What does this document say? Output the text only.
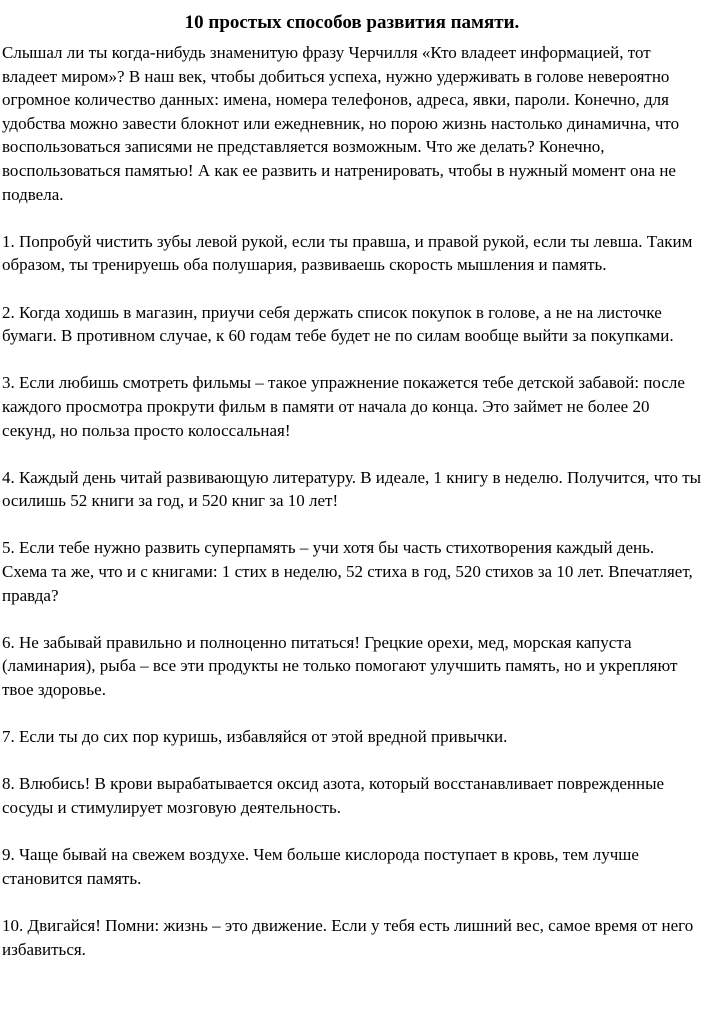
10 простых способов развития памяти.

Слышал ли ты когда-нибудь знаменитую фразу Черчилля «Кто владеет информацией, тот владеет миром»? В наш век, чтобы добиться успеха, нужно удерживать в голове невероятно огромное количество данных: имена, номера телефонов, адреса, явки, пароли. Конечно, для удобства можно завести блокнот или ежедневник, но порою жизнь настолько динамична, что воспользоваться записями не представляется возможным. Что же делать? Конечно, воспользоваться памятью! А как ее развить и натренировать, чтобы в нужный момент она не подвела.

1. Попробуй чистить зубы левой рукой, если ты правша, и правой рукой, если ты левша. Таким образом, ты тренируешь оба полушария, развиваешь скорость мышления и память.

2. Когда ходишь в магазин, приучи себя держать список покупок в голове, а не на листочке бумаги. В противном случае, к 60 годам тебе будет не по силам вообще выйти за покупками.

3. Если любишь смотреть фильмы – такое упражнение покажется тебе детской забавой: после каждого просмотра прокрути фильм в памяти от начала до конца. Это займет не более 20 секунд, но польза просто колоссальная!

4. Каждый день читай развивающую литературу. В идеале, 1 книгу в неделю. Получится, что ты осилишь 52 книги за год, и 520 книг за 10 лет!

5. Если тебе нужно развить суперпамять – учи хотя бы часть стихотворения каждый день. Схема та же, что и с книгами: 1 стих в неделю, 52 стиха в год, 520 стихов за 10 лет. Впечатляет, правда?

6. Не забывай правильно и полноценно питаться! Грецкие орехи, мед, морская капуста (ламинария), рыба – все эти продукты не только помогают улучшить память, но и укрепляют твое здоровье.

7. Если ты до сих пор куришь, избавляйся от этой вредной привычки.

8. Влюбись! В крови вырабатывается оксид азота, который восстанавливает поврежденные сосуды и стимулирует мозговую деятельность.

9. Чаще бывай на свежем воздухе. Чем больше кислорода поступает в кровь, тем лучше становится память.

10. Двигайся! Помни: жизнь – это движение. Если у тебя есть лишний вес, самое время от него избавиться.
